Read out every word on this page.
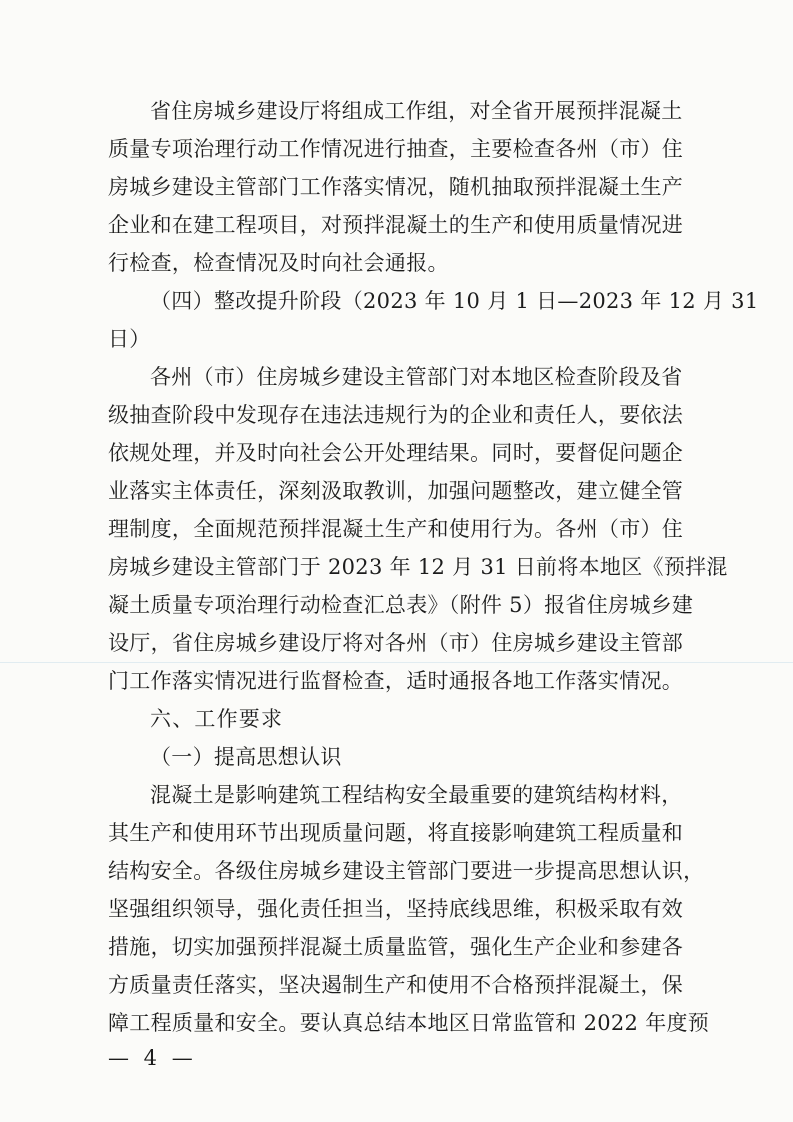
省住房城乡建设厅将组成工作组，对全省开展预拌混凝土
质量专项治理行动工作情况进行抽查，主要检查各州（市）住
房城乡建设主管部门工作落实情况，随机抽取预拌混凝土生产
企业和在建工程项目，对预拌混凝土的生产和使用质量情况进
行检查，检查情况及时向社会通报。
（四）整改提升阶段（2023 年 10 月 1 日—2023 年 12 月 31
日）
各州（市）住房城乡建设主管部门对本地区检查阶段及省
级抽查阶段中发现存在违法违规行为的企业和责任人，要依法
依规处理，并及时向社会公开处理结果。同时，要督促问题企
业落实主体责任，深刻汲取教训，加强问题整改，建立健全管
理制度，全面规范预拌混凝土生产和使用行为。各州（市）住
房城乡建设主管部门于 2023 年 12 月 31 日前将本地区《预拌混
凝土质量专项治理行动检查汇总表》（附件 5）报省住房城乡建
设厅，省住房城乡建设厅将对各州（市）住房城乡建设主管部
门工作落实情况进行监督检查，适时通报各地工作落实情况。
六、工作要求
（一）提高思想认识
混凝土是影响建筑工程结构安全最重要的建筑结构材料，
其生产和使用环节出现质量问题，将直接影响建筑工程质量和
结构安全。各级住房城乡建设主管部门要进一步提高思想认识，
坚强组织领导，强化责任担当，坚持底线思维，积极采取有效
措施，切实加强预拌混凝土质量监管，强化生产企业和参建各
方质量责任落实，坚决遏制生产和使用不合格预拌混凝土，保
障工程质量和安全。要认真总结本地区日常监管和 2022 年度预
— 4 —
